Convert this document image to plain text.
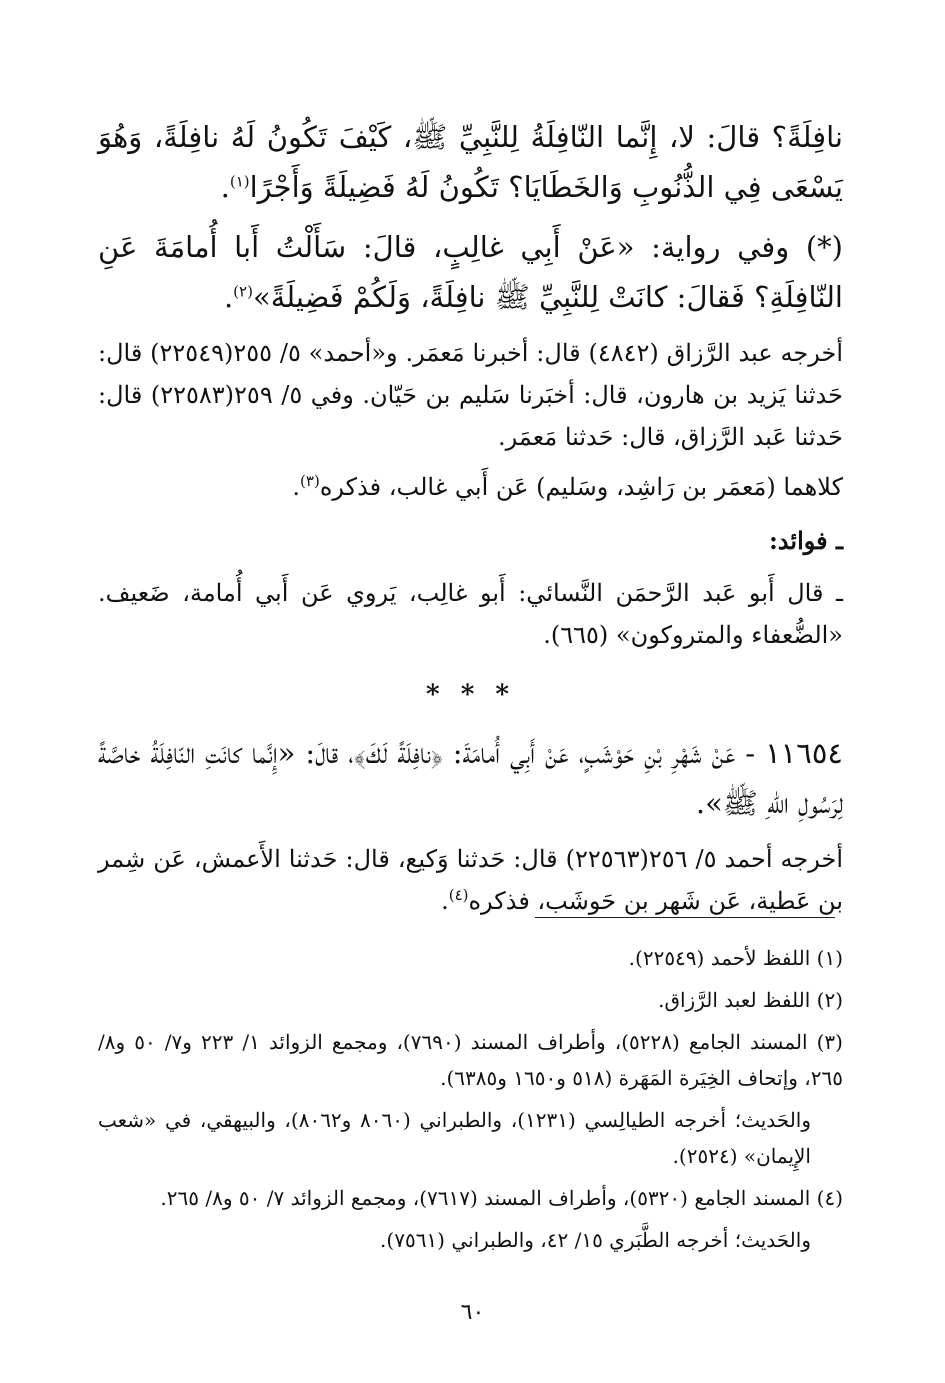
نافِلَةً؟ قالَ: لا، إِنَّما النّافِلَةُ لِلنَّبِيِّ ﷺ، كَيْفَ تَكُونُ لَهُ نافِلَةً، وَهُوَ يَسْعَى فِي الذُّنُوبِ وَالخَطَايَا؟ تَكُونُ لَهُ فَضِيلَةً وَأَجْرًا$^{(١)}$.

(*) وفي رواية: «عَنْ أَبِي غالِبٍ، قالَ: سَأَلْتُ أَبا أُمامَةَ عَنِ النّافِلَةِ؟ فَقالَ: كانَتْ لِلنَّبِيِّ ﷺ نافِلَةً، وَلَكُمْ فَضِيلَةً»$^{(٢)}$.

أخرجه عبد الرَّزاق (٤٨٤٢) قال: أخبرنا مَعمَر. و«أحمد» ٥/ ٢٥٥(٢٢٥٤٩) قال: حَدثنا يَزيد بن هارون، قال: أخبَرنا سَليم بن حَيّان. وفي ٥/ ٢٥٩(٢٢٥٨٣) قال: حَدثنا عَبد الرَّزاق، قال: حَدثنا مَعمَر.

كلاهما (مَعمَر بن رَاشِد، وسَليم) عَن أَبي غالب، فذكره$^{(٣)}$.

ـ فوائد:

ـ قال أَبو عَبد الرَّحمَن النَّسائي: أَبو غالِب، يَروي عَن أَبي أُمامة، ضَعيف. «الضُّعفاء والمتروكون» (٦٦٥).

* * *

١١٦٥٤ - عَنْ شَهْرِ بْنِ حَوْشَبٍ، عَنْ أَبِي أُمامَةَ: ﴿نافِلَةً لَكَ﴾، قالَ: «إِنَّما كانَتِ النّافِلَةُ خاصَّةً لِرَسُولِ اللهِ ﷺ».

أخرجه أحمد ٥/ ٢٥٦(٢٢٥٦٣) قال: حَدثنا وَكيع، قال: حَدثنا الأَعمش، عَن شِمر بن عَطية، عَن شَهر بن حَوشَب، فذكره$^{(٤)}$.

(١) اللفظ لأحمد (٢٢٥٤٩).

(٢) اللفظ لعبد الرَّزاق.

(٣) المسند الجامع (٥٢٢٨)، وأطراف المسند (٧٦٩٠)، ومجمع الزوائد ١/ ٢٢٣ و٧/ ٥٠ و٨/ ٢٦٥، وإتحاف الخِيَرة المَهَرة (٥١٨ و١٦٥٠ و٦٣٨٥).

والحَديث؛ أخرجه الطيالِسي (١٢٣١)، والطبراني (٨٠٦٠ و٨٠٦٢)، والبيهقي، في «شعب الإِيمان» (٢٥٢٤).

(٤) المسند الجامع (٥٣٢٠)، وأطراف المسند (٧٦١٧)، ومجمع الزوائد ٧/ ٥٠ و٨/ ٢٦٥.

والحَديث؛ أخرجه الطَّبَري ١٥/ ٤٢، والطبراني (٧٥٦١).

٦٠
